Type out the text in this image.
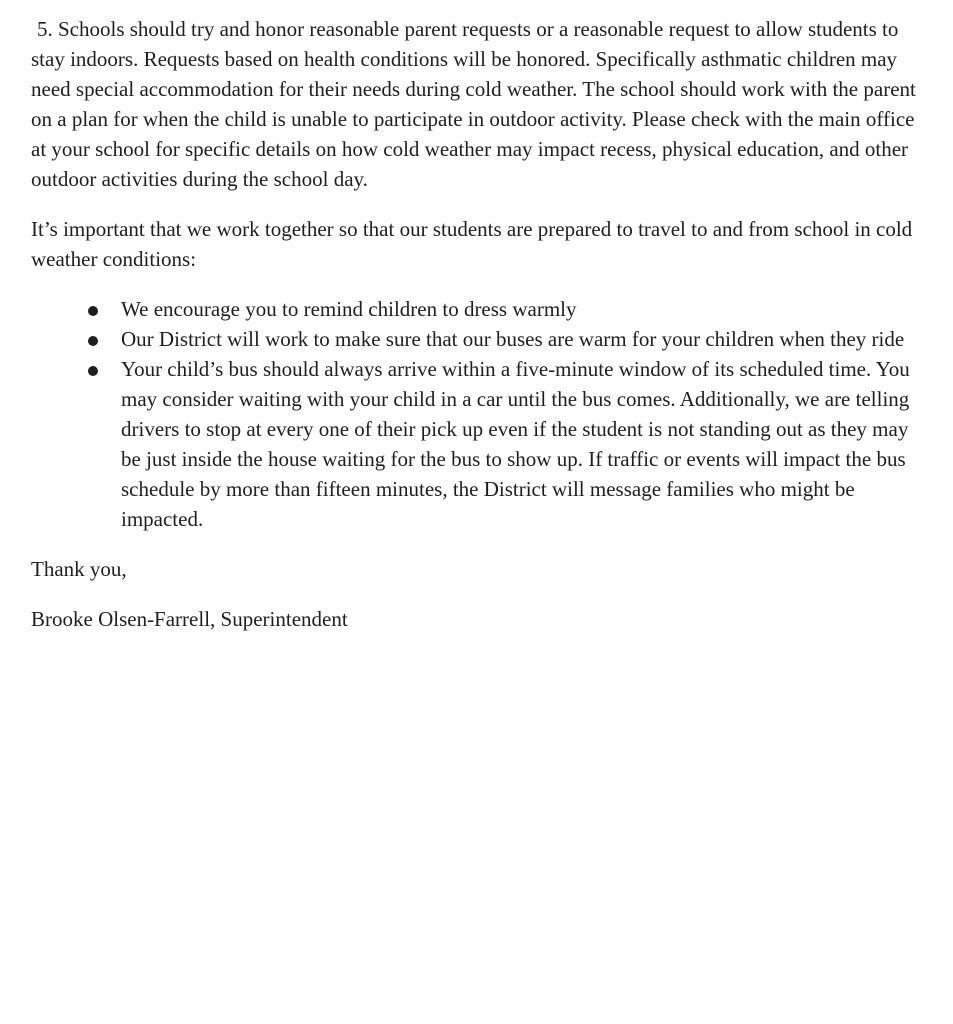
5. Schools should try and honor reasonable parent requests or a reasonable request to allow students to stay indoors. Requests based on health conditions will be honored. Specifically asthmatic children may need special accommodation for their needs during cold weather. The school should work with the parent on a plan for when the child is unable to participate in outdoor activity. Please check with the main office at your school for specific details on how cold weather may impact recess, physical education, and other outdoor activities during the school day.

It’s important that we work together so that our students are prepared to travel to and from school in cold weather conditions:

We encourage you to remind children to dress warmly
Our District will work to make sure that our buses are warm for your children when they ride
Your child’s bus should always arrive within a five-minute window of its scheduled time. You may consider waiting with your child in a car until the bus comes. Additionally, we are telling drivers to stop at every one of their pick up even if the student is not standing out as they may be just inside the house waiting for the bus to show up. If traffic or events will impact the bus schedule by more than fifteen minutes, the District will message families who might be impacted.

Thank you,

Brooke Olsen-Farrell, Superintendent
